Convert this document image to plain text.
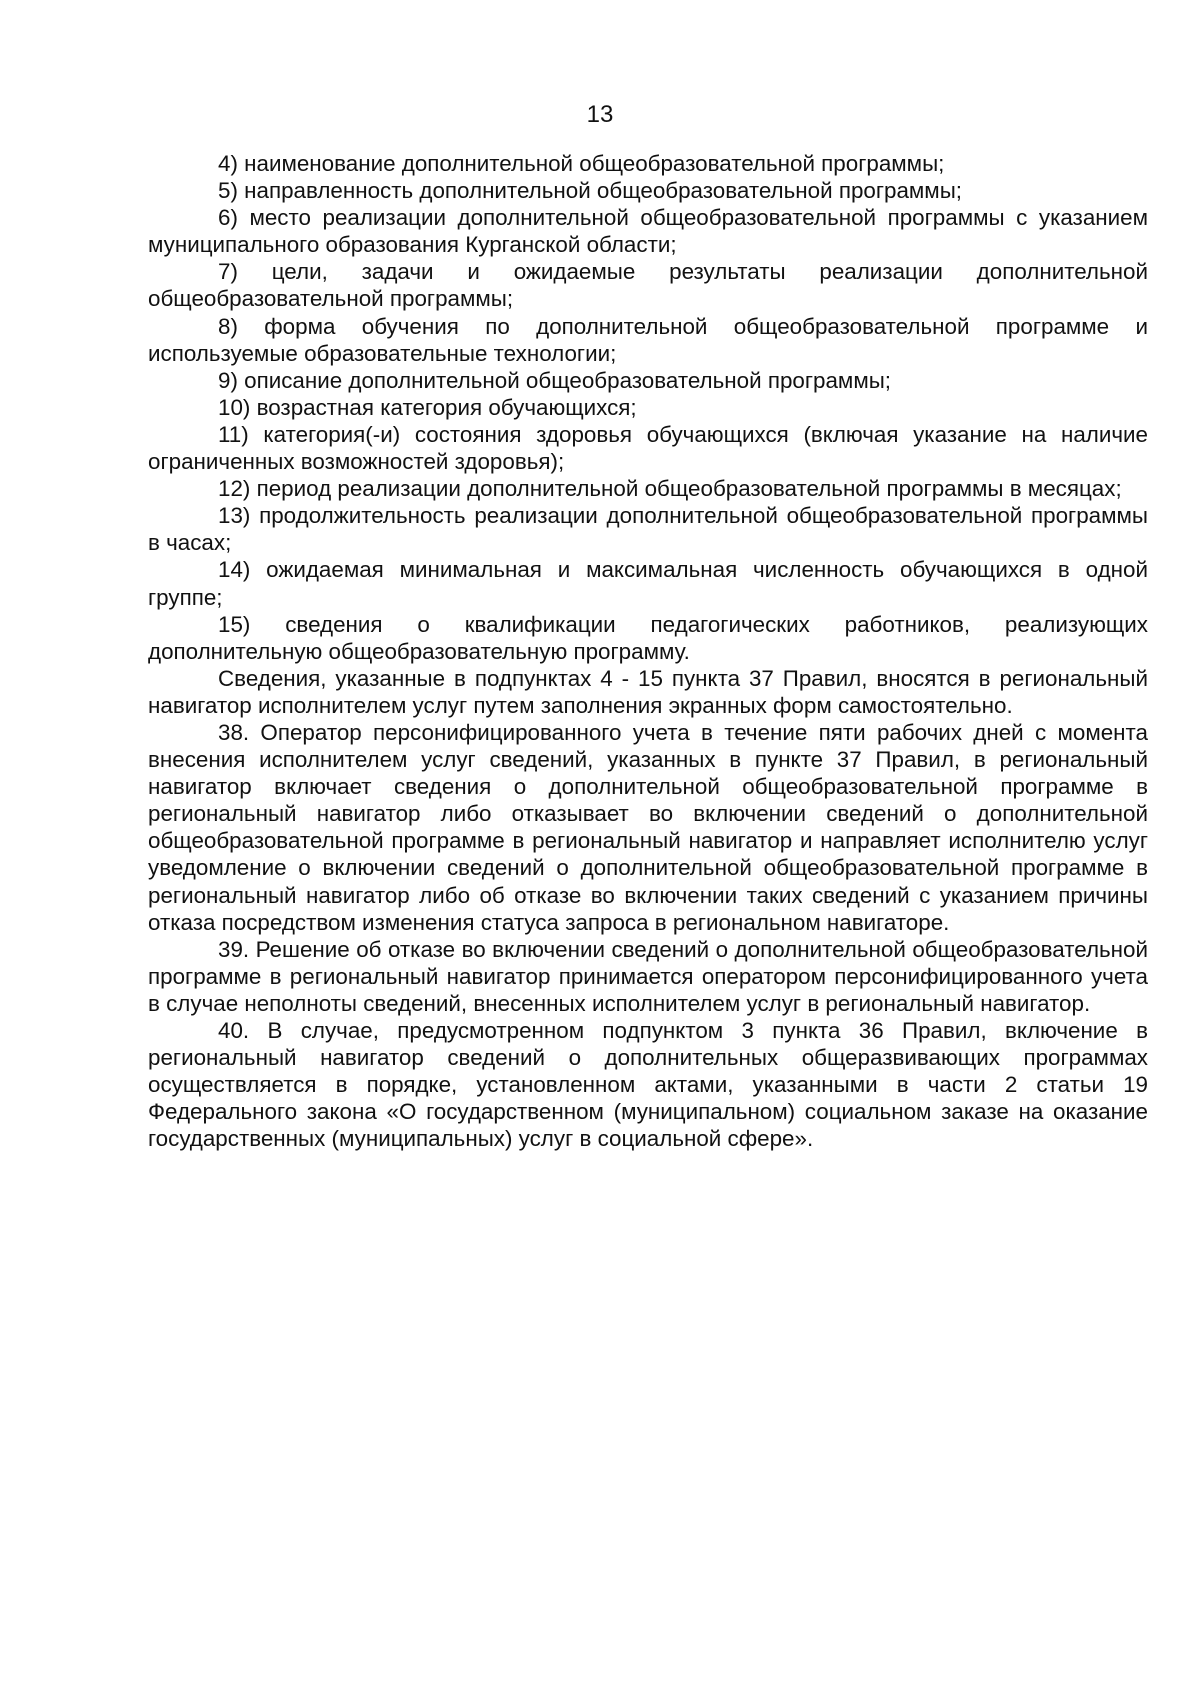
13

4) наименование дополнительной общеобразовательной программы;

5) направленность дополнительной общеобразовательной программы;

6) место реализации дополнительной общеобразовательной программы с указанием муниципального образования Курганской области;

7) цели, задачи и ожидаемые результаты реализации дополнительной общеобразовательной программы;

8) форма обучения по дополнительной общеобразовательной программе и используемые образовательные технологии;

9) описание дополнительной общеобразовательной программы;

10) возрастная категория обучающихся;

11) категория(-и) состояния здоровья обучающихся (включая указание на наличие ограниченных возможностей здоровья);

12) период реализации дополнительной общеобразовательной программы в месяцах;

13) продолжительность реализации дополнительной общеобразовательной программы в часах;

14) ожидаемая минимальная и максимальная численность обучающихся в одной группе;

15) сведения о квалификации педагогических работников, реализующих дополнительную общеобразовательную программу.

Сведения, указанные в подпунктах 4 - 15 пункта 37 Правил, вносятся в региональный навигатор исполнителем услуг путем заполнения экранных форм самостоятельно.

38. Оператор персонифицированного учета в течение пяти рабочих дней с момента внесения исполнителем услуг сведений, указанных в пункте 37 Правил, в региональный навигатор включает сведения о дополнительной общеобразовательной программе в региональный навигатор либо отказывает во включении сведений о дополнительной общеобразовательной программе в региональный навигатор и направляет исполнителю услуг уведомление о включении сведений о дополнительной общеобразовательной программе в региональный навигатор либо об отказе во включении таких сведений с указанием причины отказа посредством изменения статуса запроса в региональном навигаторе.

39. Решение об отказе во включении сведений о дополнительной общеобразовательной программе в региональный навигатор принимается оператором персонифицированного учета в случае неполноты сведений, внесенных исполнителем услуг в региональный навигатор.

40. В случае, предусмотренном подпунктом 3 пункта 36 Правил, включение в региональный навигатор сведений о дополнительных общеразвивающих программах осуществляется в порядке, установленном актами, указанными в части 2 статьи 19 Федерального закона «О государственном (муниципальном) социальном заказе на оказание государственных (муниципальных) услуг в социальной сфере».
